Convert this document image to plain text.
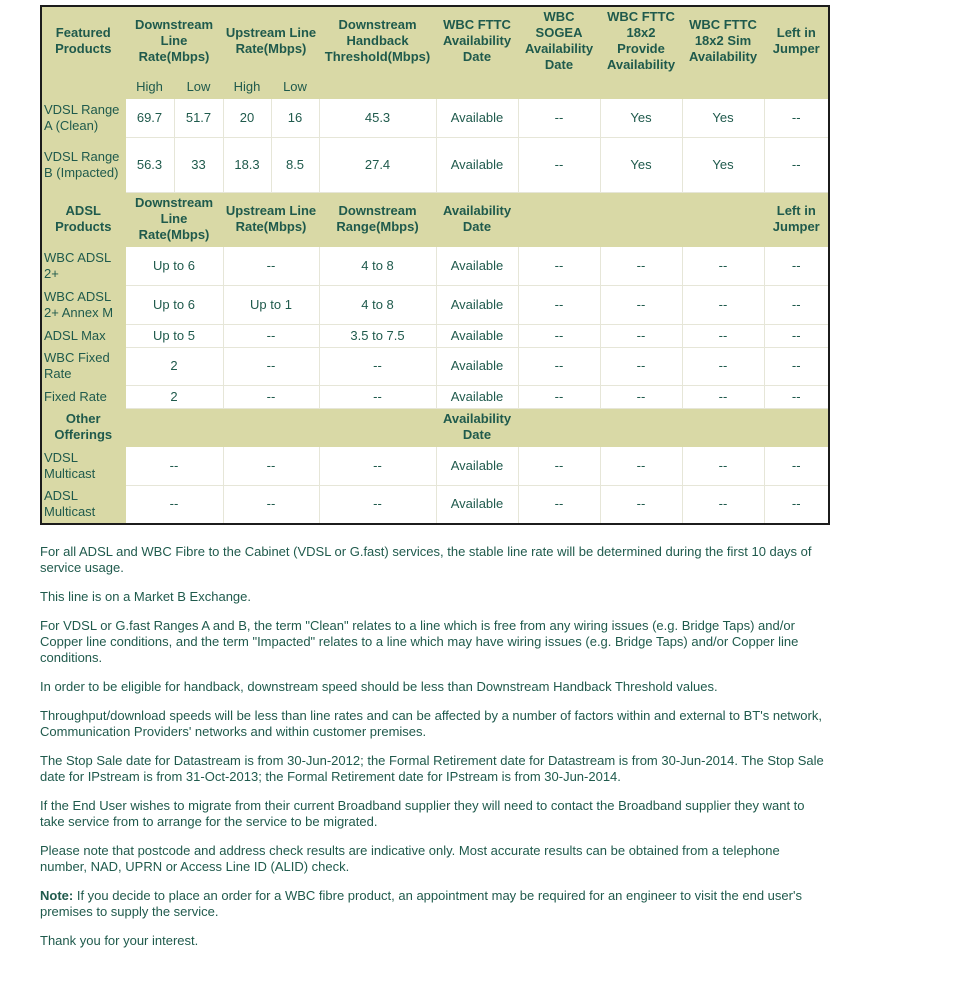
Featured Products	Downstream Line Rate(Mbps)		Upstream Line Rate(Mbps)		Downstream Handback Threshold(Mbps)	WBC FTTC Availability Date	WBC SOGEA Availability Date	WBC FTTC 18x2 Provide Availability	WBC FTTC 18x2 Sim Availability	Left in Jumper
	High	Low	High	Low						
VDSL Range A (Clean)	69.7	51.7	20	16	45.3	Available	--	Yes	Yes	--
VDSL Range B (Impacted)	56.3	33	18.3	8.5	27.4	Available	--	Yes	Yes	--
ADSL Products	Downstream Line Rate(Mbps)		Upstream Line Rate(Mbps)		Downstream Range(Mbps)	Availability Date				Left in Jumper
WBC ADSL 2+	Up to 6		--		4 to 8	Available	--	--	--	--
WBC ADSL 2+ Annex M	Up to 6		Up to 1		4 to 8	Available	--	--	--	--
ADSL Max	Up to 5		--		3.5 to 7.5	Available	--	--	--	--
WBC Fixed Rate	2		--		--	Available	--	--	--	--
Fixed Rate	2		--		--	Available	--	--	--	--
Other Offerings						Availability Date				
VDSL Multicast	--		--		--	Available	--	--	--	--
ADSL Multicast	--		--		--	Available	--	--	--	--

For all ADSL and WBC Fibre to the Cabinet (VDSL or G.fast) services, the stable line rate will be determined during the first 10 days of service usage.

This line is on a Market B Exchange.

For VDSL or G.fast Ranges A and B, the term "Clean" relates to a line which is free from any wiring issues (e.g. Bridge Taps) and/or Copper line conditions, and the term "Impacted" relates to a line which may have wiring issues (e.g. Bridge Taps) and/or Copper line conditions.

In order to be eligible for handback, downstream speed should be less than Downstream Handback Threshold values.

Throughput/download speeds will be less than line rates and can be affected by a number of factors within and external to BT's network, Communication Providers' networks and within customer premises.

The Stop Sale date for Datastream is from 30-Jun-2012; the Formal Retirement date for Datastream is from 30-Jun-2014. The Stop Sale date for IPstream is from 31-Oct-2013; the Formal Retirement date for IPstream is from 30-Jun-2014.

If the End User wishes to migrate from their current Broadband supplier they will need to contact the Broadband supplier they want to take service from to arrange for the service to be migrated.

Please note that postcode and address check results are indicative only. Most accurate results can be obtained from a telephone number, NAD, UPRN or Access Line ID (ALID) check.

Note: If you decide to place an order for a WBC fibre product, an appointment may be required for an engineer to visit the end user's premises to supply the service.

Thank you for your interest.
